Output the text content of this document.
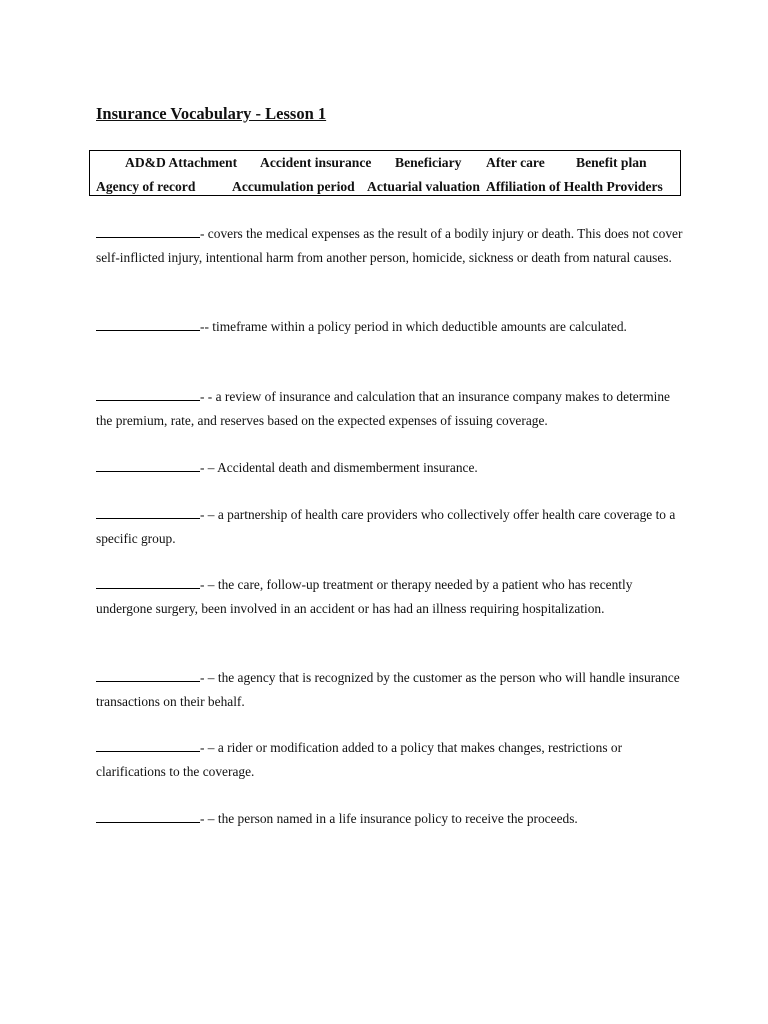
Insurance Vocabulary - Lesson 1
AD&D Attachment Accident insurance Beneficiary After care Benefit plan
Agency of record	Accumulation period Actuarial valuation Affiliation of Health Providers
- covers the medical expenses as the result of a bodily injury or death. This does not cover self-inflicted injury, intentional harm from another person, homicide, sickness or death from natural causes.
-- timeframe within a policy period in which deductible amounts are calculated.
- - a review of insurance and calculation that an insurance company makes to determine the premium, rate, and reserves based on the expected expenses of issuing coverage.
- – Accidental death and dismemberment insurance.
- – a partnership of health care providers who collectively offer health care coverage to a specific group.
- – the care, follow-up treatment or therapy needed by a patient who has recently undergone surgery, been involved in an accident or has had an illness requiring hospitalization.
- – the agency that is recognized by the customer as the person who will handle insurance transactions on their behalf.
- – a rider or modification added to a policy that makes changes, restrictions or clarifications to the coverage.
- – the person named in a life insurance policy to receive the proceeds.
